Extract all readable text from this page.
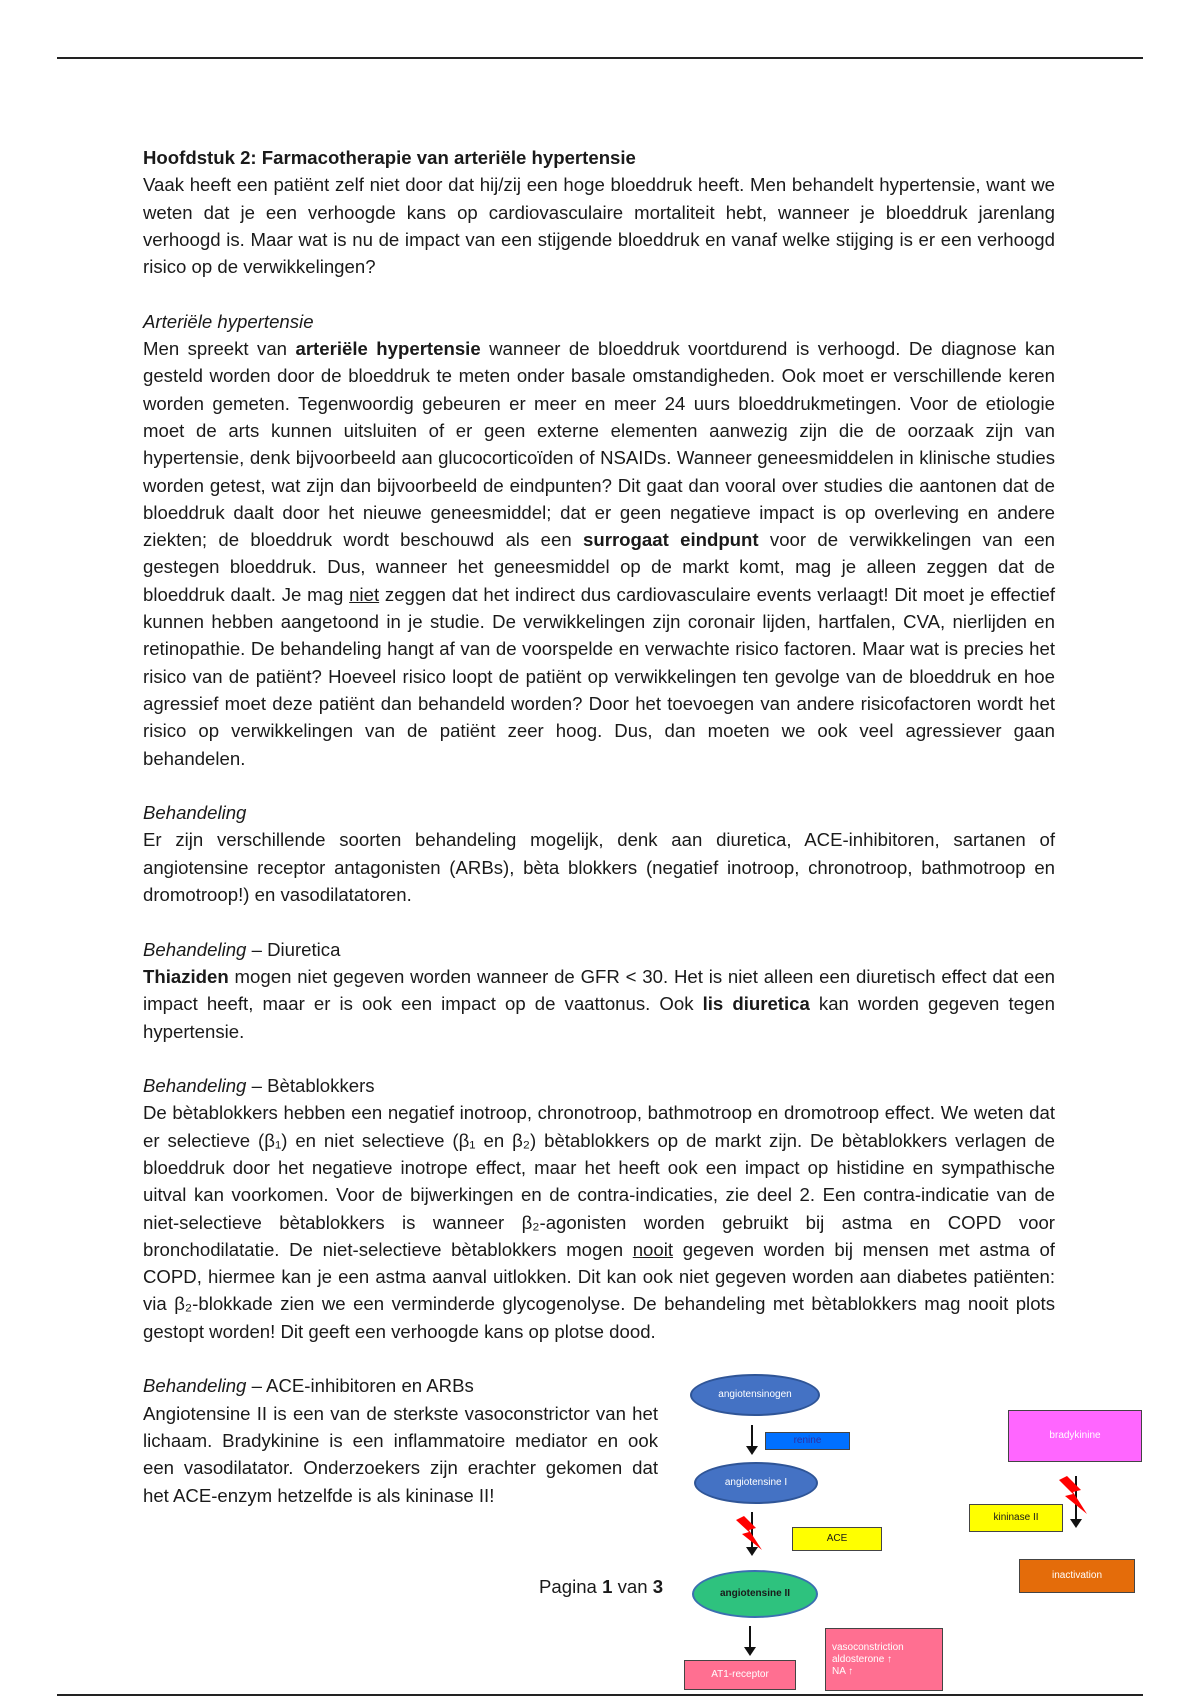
Hoofdstuk 2: Farmacotherapie van arteriële hypertensie

Vaak heeft een patiënt zelf niet door dat hij/zij een hoge bloeddruk heeft. Men behandelt hypertensie, want we weten dat je een verhoogde kans op cardiovasculaire mortaliteit hebt, wanneer je bloeddruk jarenlang verhoogd is. Maar wat is nu de impact van een stijgende bloeddruk en vanaf welke stijging is er een verhoogd risico op de verwikkelingen?

Arteriële hypertensie

Men spreekt van arteriële hypertensie wanneer de bloeddruk voortdurend is verhoogd. De diagnose kan gesteld worden door de bloeddruk te meten onder basale omstandigheden. Ook moet er verschillende keren worden gemeten. Tegenwoordig gebeuren er meer en meer 24 uurs bloeddrukmetingen. Voor de etiologie moet de arts kunnen uitsluiten of er geen externe elementen aanwezig zijn die de oorzaak zijn van hypertensie, denk bijvoorbeeld aan glucocorticoïden of NSAIDs. Wanneer geneesmiddelen in klinische studies worden getest, wat zijn dan bijvoorbeeld de eindpunten? Dit gaat dan vooral over studies die aantonen dat de bloeddruk daalt door het nieuwe geneesmiddel; dat er geen negatieve impact is op overleving en andere ziekten; de bloeddruk wordt beschouwd als een surrogaat eindpunt voor de verwikkelingen van een gestegen bloeddruk. Dus, wanneer het geneesmiddel op de markt komt, mag je alleen zeggen dat de bloeddruk daalt. Je mag niet zeggen dat het indirect dus cardiovasculaire events verlaagt! Dit moet je effectief kunnen hebben aangetoond in je studie. De verwikkelingen zijn coronair lijden, hartfalen, CVA, nierlijden en retinopathie. De behandeling hangt af van de voorspelde en verwachte risico factoren. Maar wat is precies het risico van de patiënt? Hoeveel risico loopt de patiënt op verwikkelingen ten gevolge van de bloeddruk en hoe agressief moet deze patiënt dan behandeld worden? Door het toevoegen van andere risicofactoren wordt het risico op verwikkelingen van de patiënt zeer hoog. Dus, dan moeten we ook veel agressiever gaan behandelen.

Behandeling

Er zijn verschillende soorten behandeling mogelijk, denk aan diuretica, ACE-inhibitoren, sartanen of angiotensine receptor antagonisten (ARBs), bèta blokkers (negatief inotroop, chronotroop, bathmotroop en dromotroop!) en vasodilatatoren.

Behandeling – Diuretica

Thiaziden mogen niet gegeven worden wanneer de GFR < 30. Het is niet alleen een diuretisch effect dat een impact heeft, maar er is ook een impact op de vaattonus. Ook lis diuretica kan worden gegeven tegen hypertensie.

Behandeling – Bètablokkers

De bètablokkers hebben een negatief inotroop, chronotroop, bathmotroop en dromotroop effect. We weten dat er selectieve (β₁) en niet selectieve (β₁ en β₂) bètablokkers op de markt zijn. De bètablokkers verlagen de bloeddruk door het negatieve inotrope effect, maar het heeft ook een impact op histidine en sympathische uitval kan voorkomen. Voor de bijwerkingen en de contra-indicaties, zie deel 2. Een contra-indicatie van de niet-selectieve bètablokkers is wanneer β₂-agonisten worden gebruikt bij astma en COPD voor bronchodilatatie. De niet-selectieve bètablokkers mogen nooit gegeven worden bij mensen met astma of COPD, hiermee kan je een astma aanval uitlokken. Dit kan ook niet gegeven worden aan diabetes patiënten: via β₂-blokkade zien we een verminderde glycogenolyse. De behandeling met bètablokkers mag nooit plots gestopt worden! Dit geeft een verhoogde kans op plotse dood.

Behandeling – ACE-inhibitoren en ARBs

Angiotensine II is een van de sterkste vasoconstrictor van het lichaam. Bradykinine is een inflammatoire mediator en ook een vasodilatator. Onderzoekers zijn erachter gekomen dat het ACE-enzym hetzelfde is als kininase II!

Pagina 1 van 3
angiotensinogen
renine
angiotensine I
ACE
angiotensine II
AT1-receptor
vasoconstriction
aldosterone ↑
NA ↑
bradykinine
kininase II
inactivation
